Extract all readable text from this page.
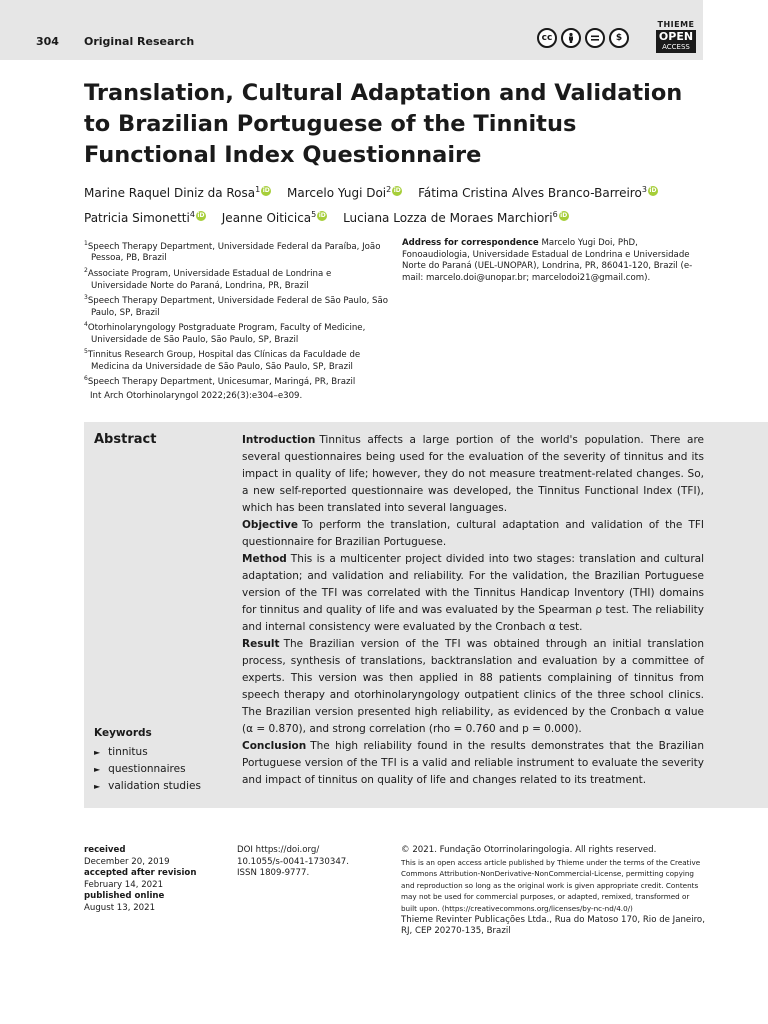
304 Original Research	cc	$
THIEME
OPEN
ACCESS
Translation, Cultural Adaptation and Validation to Brazilian Portuguese of the Tinnitus Functional Index Questionnaire
Marine Raquel Diniz da Rosa$^1$ iD Marcelo Yugi Doi$^2$ iD Fátima Cristina Alves Branco-Barreiro$^3$ iD
Patricia Simonetti$^4$ iD Jeanne Oiticica$^5$ iD Luciana Lozza de Moraes Marchiori$^6$ iD
$^1$Speech Therapy Department, Universidade Federal da Paraíba, João Pessoa, PB, Brazil
$^2$Associate Program, Universidade Estadual de Londrina e Universidade Norte do Paraná, Londrina, PR, Brazil
$^3$Speech Therapy Department, Universidade Federal de São Paulo, São Paulo, SP, Brazil
$^4$Otorhinolaryngology Postgraduate Program, Faculty of Medicine, Universidade de São Paulo, São Paulo, SP, Brazil
$^5$Tinnitus Research Group, Hospital das Clínicas da Faculdade de Medicina da Universidade de São Paulo, São Paulo, SP, Brazil
$^6$Speech Therapy Department, Unicesumar, Maringá, PR, Brazil
Address for correspondence Marcelo Yugi Doi, PhD, Fonoaudiologia, Universidade Estadual de Londrina e Universidade Norte do Paraná (UEL-UNOPAR), Londrina, PR, 86041-120, Brazil (e-mail: marcelo.doi@unopar.br; marcelodoi21@gmail.com).
Int Arch Otorhinolaryngol 2022;26(3):e304–e309.
Abstract	Introduction Tinnitus affects a large portion of the world's population. There are several questionnaires being used for the evaluation of the severity of tinnitus and its impact in quality of life; however, they do not measure treatment-related changes. So, a new self-reported questionnaire was developed, the Tinnitus Functional Index (TFI), which has been translated into several languages.
Objective To perform the translation, cultural adaptation and validation of the TFI questionnaire for Brazilian Portuguese.
Method This is a multicenter project divided into two stages: translation and cultural adaptation; and validation and reliability. For the validation, the Brazilian Portuguese version of the TFI was correlated with the Tinnitus Handicap Inventory (THI) domains for tinnitus and quality of life and was evaluated by the Spearman ρ test. The reliability and internal consistency were evaluated by the Cronbach α test.
Result The Brazilian version of the TFI was obtained through an initial translation process, synthesis of translations, backtranslation and evaluation by a committee of experts. This version was then applied in 88 patients complaining of tinnitus from speech therapy and otorhinolaryngology outpatient clinics of the three school clinics. The Brazilian version presented high reliability, as evidenced by the Cronbach α value (α = 0.870), and strong correlation (rho = 0.760 and p = 0.000).
Conclusion The high reliability found in the results demonstrates that the Brazilian Portuguese version of the TFI is a valid and reliable instrument to evaluate the severity and impact of tinnitus on quality of life and changes related to its treatment.
Keywords
► tinnitus
► questionnaires
► validation studies
received
December 20, 2019
accepted after revision
February 14, 2021
published online
August 13, 2021
DOI https://doi.org/
10.1055/s-0041-1730347.
ISSN 1809-9777.
© 2021. Fundação Otorrinolaringologia. All rights reserved.
This is an open access article published by Thieme under the terms of the Creative Commons Attribution-NonDerivative-NonCommercial-License, permitting copying and reproduction so long as the original work is given appropriate credit. Contents may not be used for commercial purposes, or adapted, remixed, transformed or built upon. (https://creativecommons.org/licenses/by-nc-nd/4.0/)
Thieme Revinter Publicações Ltda., Rua do Matoso 170, Rio de Janeiro, RJ, CEP 20270-135, Brazil
